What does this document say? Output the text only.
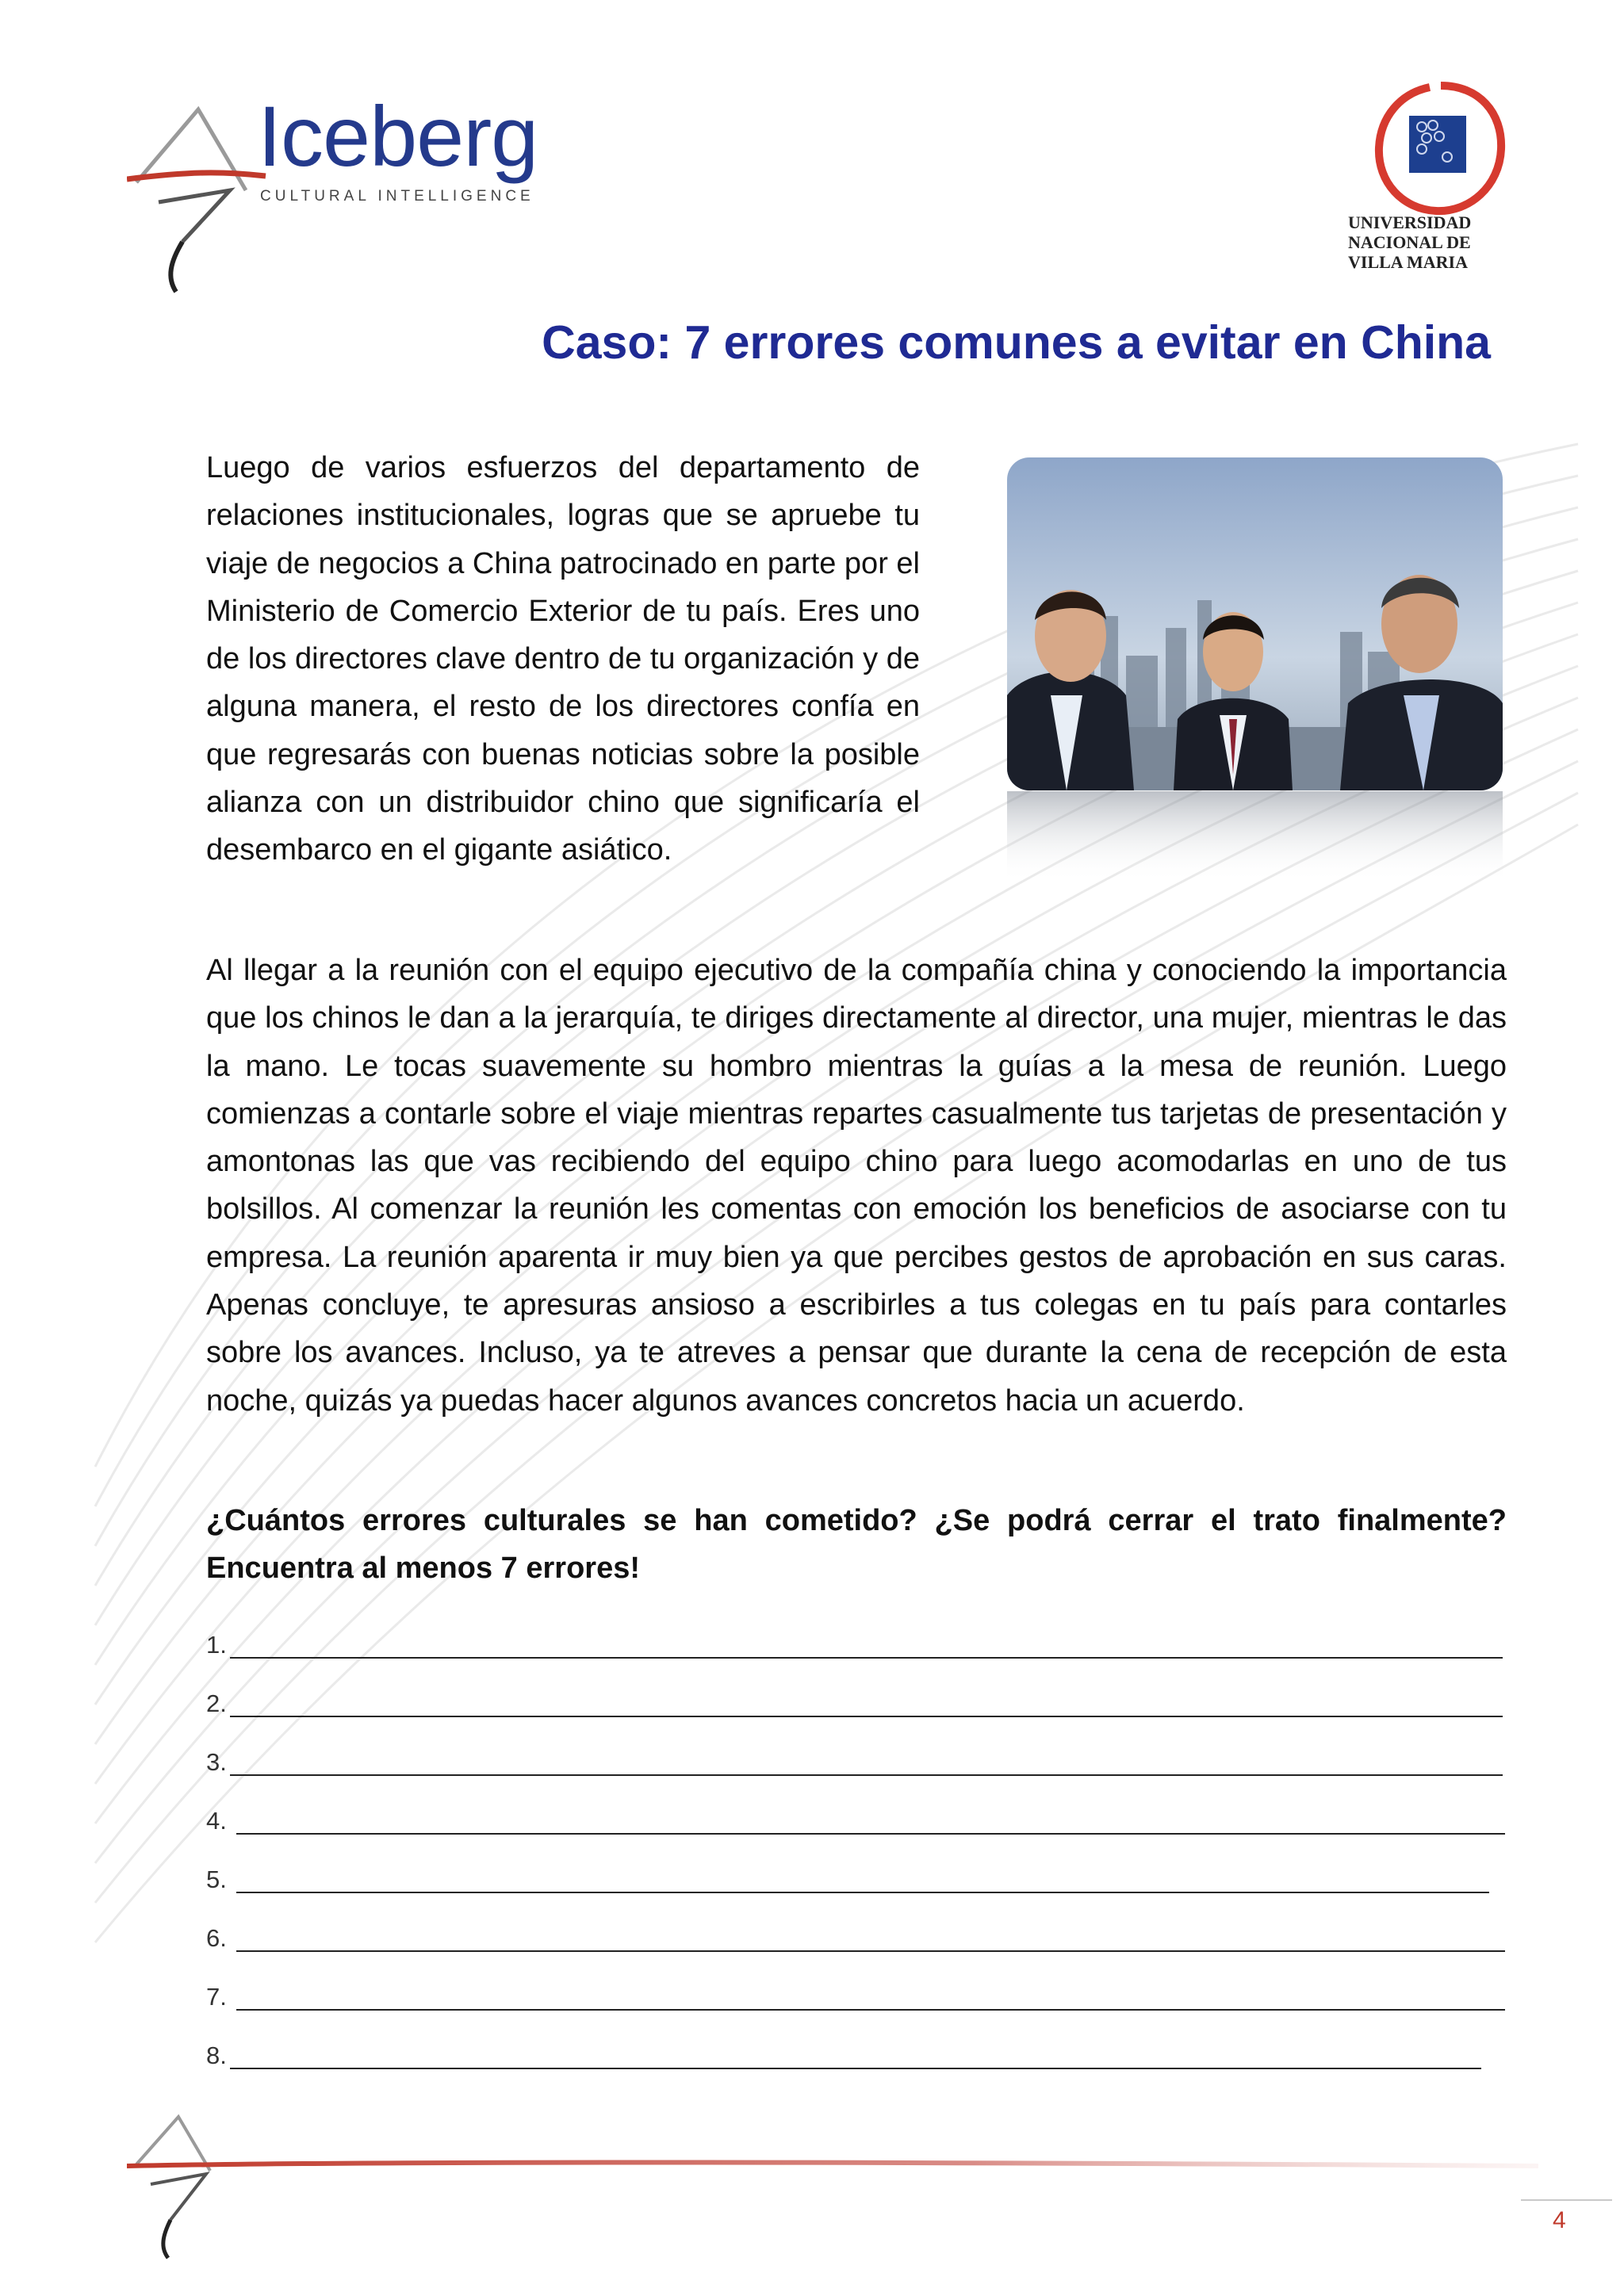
Iceberg
CULTURAL INTELLIGENCE
UNIVERSIDAD
NACIONAL DE
VILLA MARIA
Caso: 7 errores comunes a evitar en China
Luego de varios esfuerzos del departamento de relaciones institucionales, logras que se apruebe tu viaje de negocios a China patrocinado en parte por el Ministerio de Comercio Exterior de tu país. Eres uno de los directores clave dentro de tu organización y de alguna manera, el resto de los directores confía en que regresarás con buenas noticias sobre la posible alianza con un distribuidor chino que significaría el desembarco en el gigante asiático.
Al llegar a la reunión con el equipo ejecutivo de la compañía china y conociendo la importancia que los chinos le dan a la jerarquía, te diriges directamente al director, una mujer, mientras le das la mano. Le tocas suavemente su hombro mientras la guías a la mesa de reunión. Luego comienzas a contarle sobre el viaje mientras repartes casualmente tus tarjetas de presentación y amontonas las que vas recibiendo del equipo chino para luego acomodarlas en uno de tus bolsillos. Al comenzar la reunión les comentas con emoción los beneficios de asociarse con tu empresa. La reunión aparenta ir muy bien ya que percibes gestos de aprobación en sus caras. Apenas concluye, te apresuras ansioso a escribirles a tus colegas en tu país para contarles sobre los avances. Incluso, ya te atreves a pensar que durante la cena de recepción de esta noche, quizás ya puedas hacer algunos avances concretos hacia un acuerdo.
¿Cuántos errores culturales se han cometido? ¿Se podrá cerrar el trato finalmente? Encuentra al menos 7 errores!
1.
2.
3.
4.
5.
6.
7.
8.
4
